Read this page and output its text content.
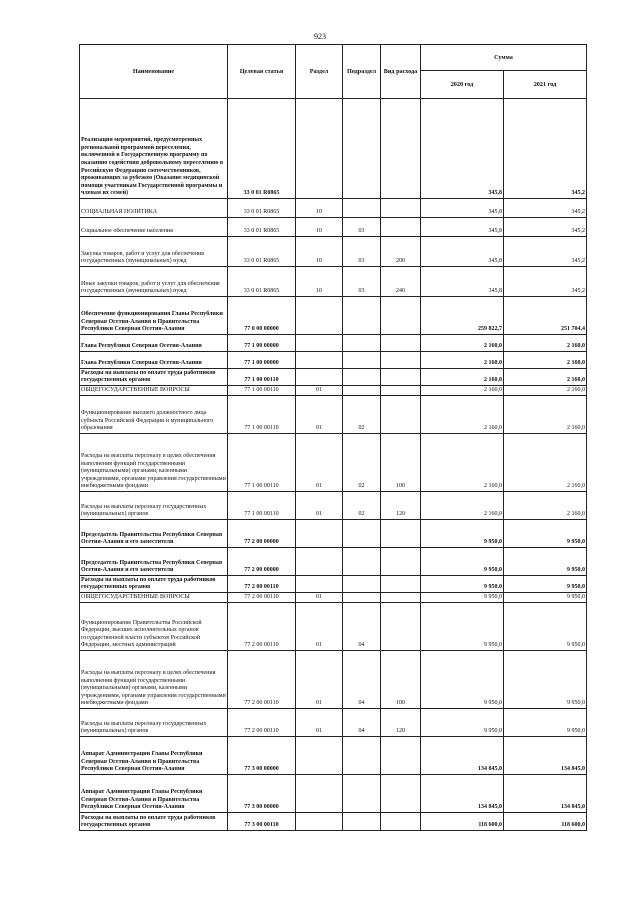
923
Наименование	Целевая статья	Раздел	Подраздел	Вид расхода	Сумма	
					2020 год	2021 год
Реализация мероприятий, предусмотренных региональной программой переселения, включенной в Государственную программу по оказанию содействия добровольному переселению в Российскую Федерацию соотечественников, проживающих за рубежом (Оказание медицинской помощи участникам Государственной программы и членам их семей)	33 0 01 R0865				345,8	345,2
СОЦИАЛЬНАЯ ПОЛИТИКА	33 0 01 R0865	10			345,8	345,2
Социальное обеспечение населения	33 0 01 R0865	10	03		345,8	345,2
Закупка товаров, работ и услуг для обеспечения государственных (муниципальных) нужд	33 0 01 R0865	10	03	200	345,8	345,2
Иные закупки товаров, работ и услуг для обеспечения государственных (муниципальных) нужд	33 0 01 R0865	10	03	240	345,8	345,2
Обеспечение функционирования Главы Республики Северная Осетия-Алания и Правительства Республики Северная Осетия-Алания	77 0 00 00000				259 822,7	251 704,4
Глава Республики Северная Осетия-Алания	77 1 00 00000				2 160,0	2 160,0
Глава Республики Северная Осетия-Алания	77 1 00 00000				2 160,0	2 160,0
Расходы на выплаты по оплате труда работников государственных органов	77 1 00 00110				2 160,0	2 160,0
ОБЩЕГОСУДАРСТВЕННЫЕ ВОПРОСЫ	77 1 00 00110	01			2 160,0	2 160,0
Функционирование высшего должностного лица субъекта Российской Федерации и муниципального образования	77 1 00 00110	01	02		2 160,0	2 160,0
Расходы на выплаты персоналу в целях обеспечения выполнения функций государственными (муниципальными) органами, казенными учреждениями, органами управления государственными внебюджетными фондами	77 1 00 00110	01	02	100	2 160,0	2 160,0
Расходы на выплаты персоналу государственных (муниципальных) органов	77 1 00 00110	01	02	120	2 160,0	2 160,0
Председатель Правительства Республики Северная Осетия-Алания и его заместители	77 2 00 00000				9 950,0	9 950,0
Председатель Правительства Республики Северная Осетия-Алания и его заместители	77 2 00 00000				9 950,0	9 950,0
Расходы на выплаты по оплате труда работников государственных органов	77 2 00 00110				9 950,0	9 950,0
ОБЩЕГОСУДАРСТВЕННЫЕ ВОПРОСЫ	77 2 00 00110	01			9 950,0	9 950,0
Функционирование Правительства Российской Федерации, высших исполнительных органов государственной власти субъектов Российской Федерации, местных администраций	77 2 00 00110	01	04		9 950,0	9 950,0
Расходы на выплаты персоналу в целях обеспечения выполнения функций государственными (муниципальными) органами, казенными учреждениями, органами управления государственными внебюджетными фондами	77 2 00 00110	01	04	100	9 950,0	9 950,0
Расходы на выплаты персоналу государственных (муниципальных) органов	77 2 00 00110	01	04	120	9 950,0	9 950,0
Аппарат Администрации Главы Республики Северная Осетия-Алания и Правительства Республики Северная Осетия-Алания	77 3 00 00000				134 845,0	134 845,0
Аппарат Администрации Главы Республики Северная Осетия-Алания и Правительства Республики Северная Осетия-Алания	77 3 00 00000				134 845,0	134 845,0
Расходы на выплаты по оплате труда работников государственных органов	77 3 00 00110				118 600,0	118 600,0
